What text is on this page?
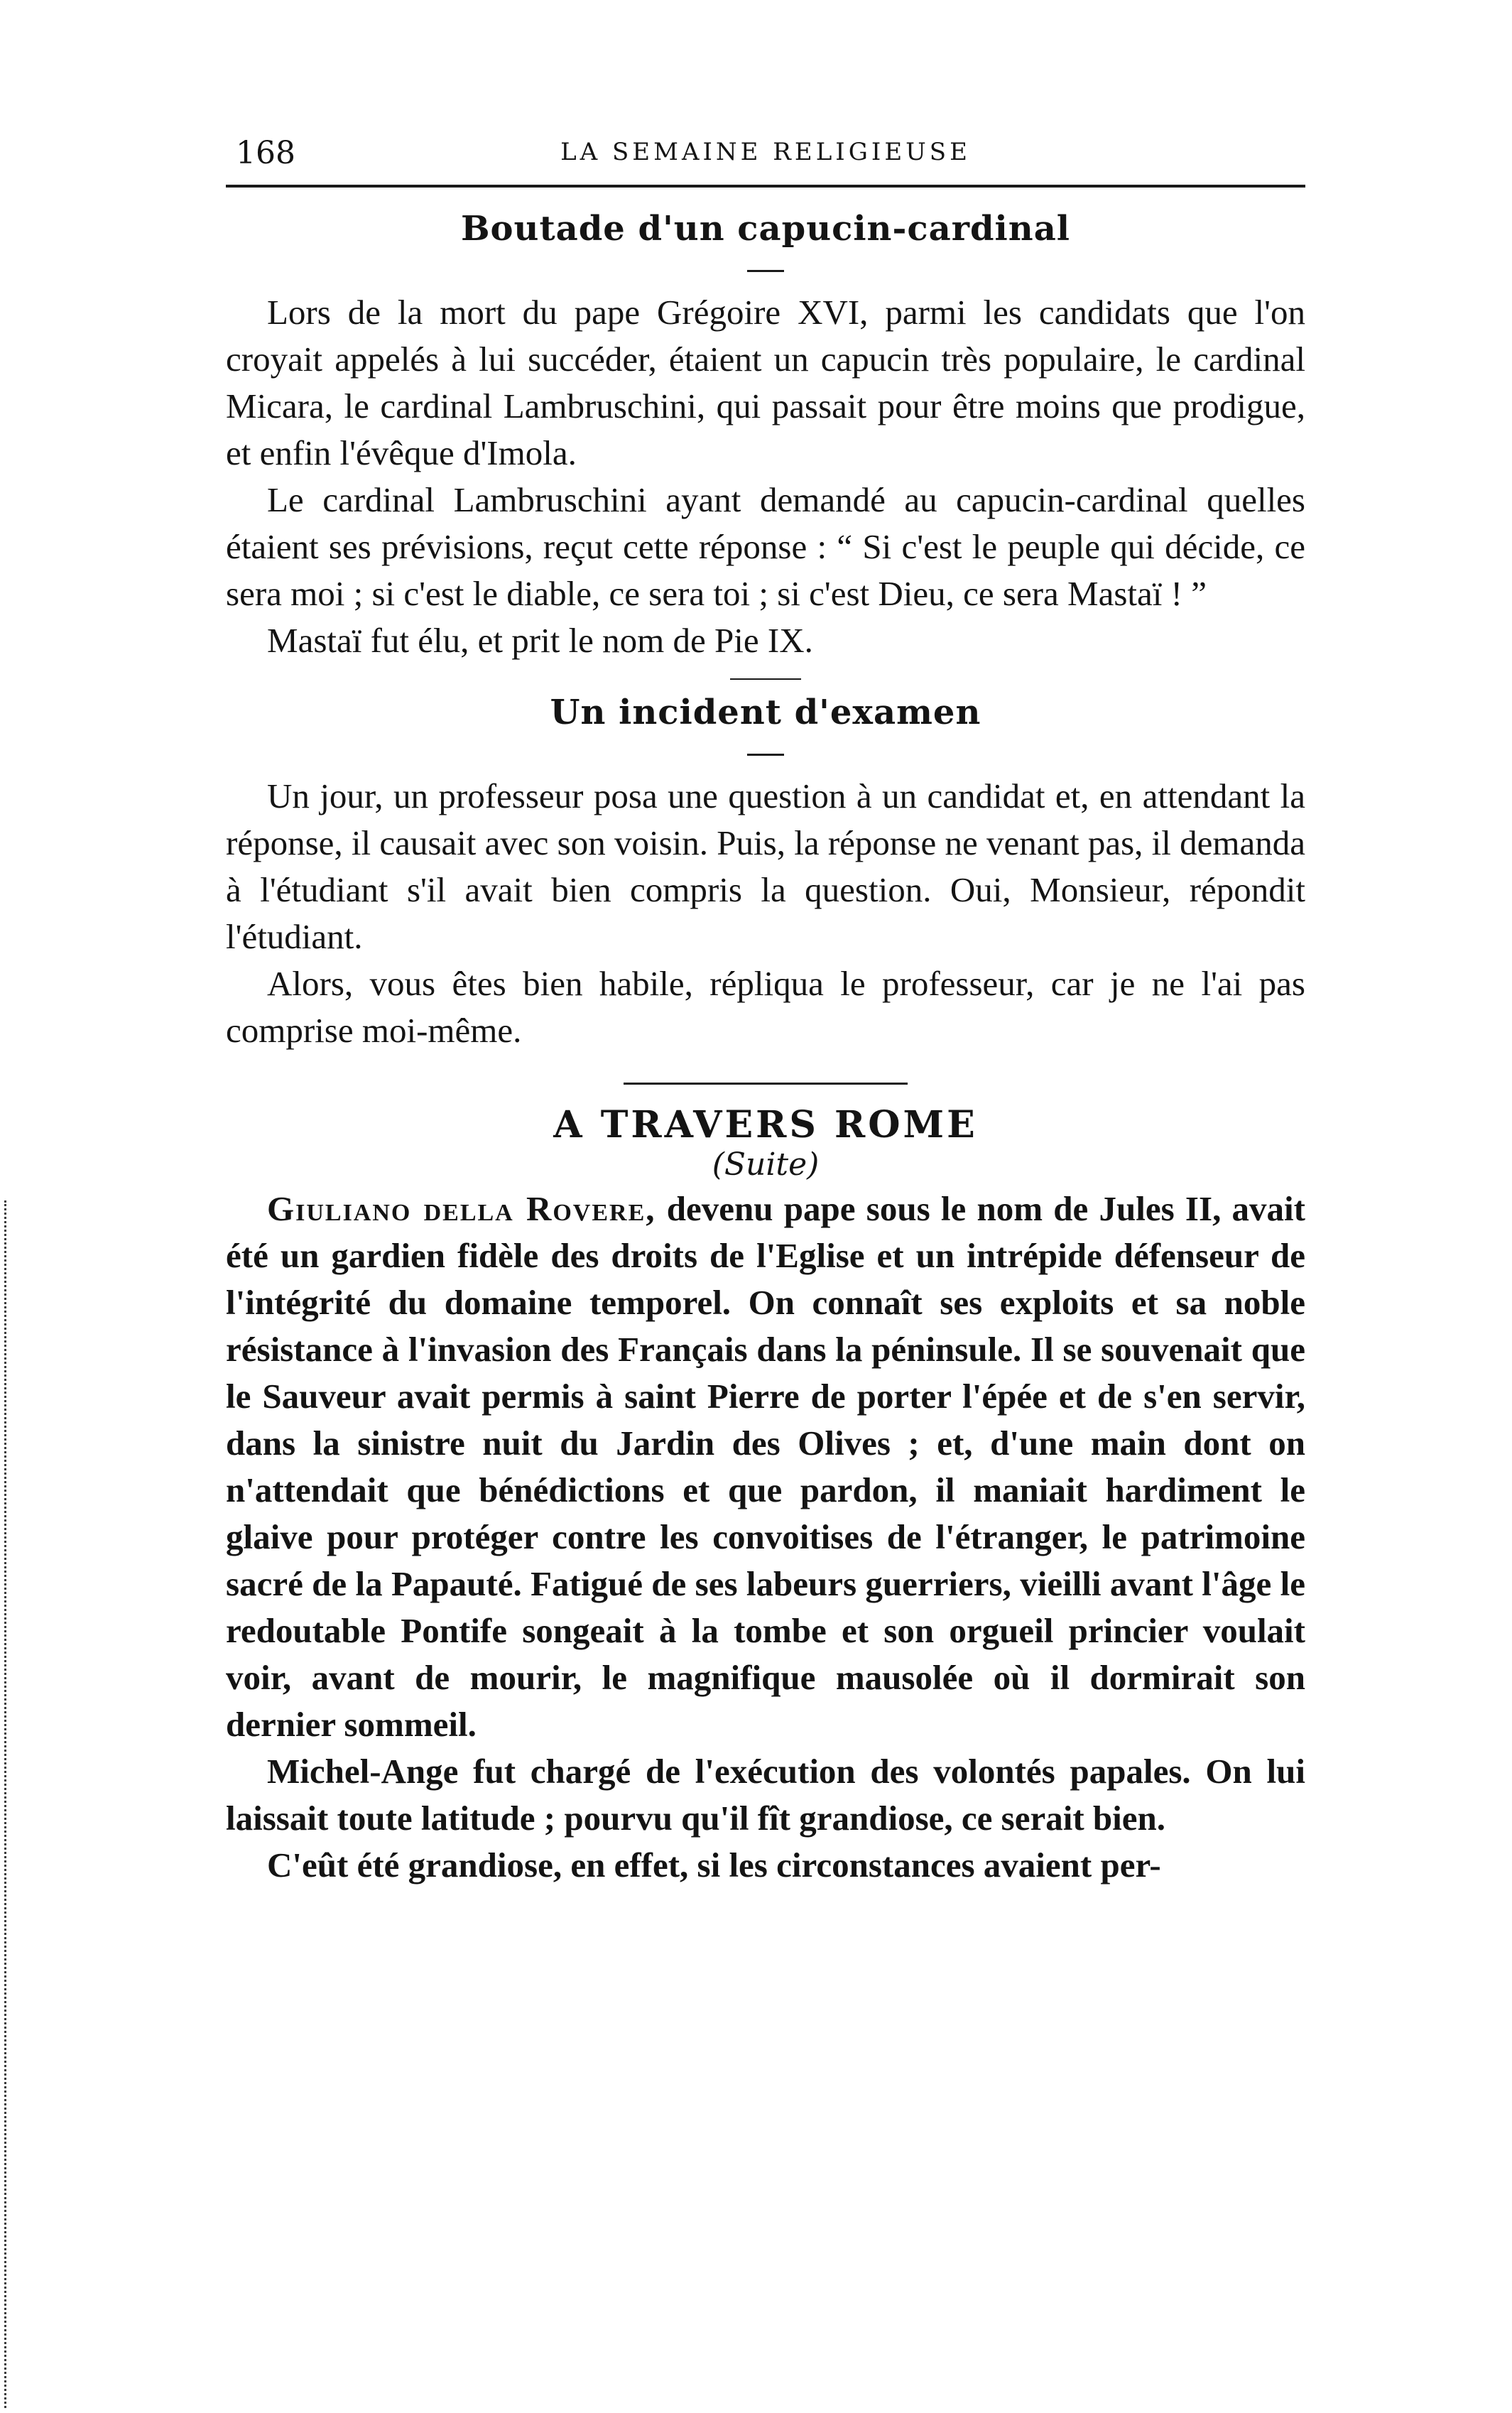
168	LA SEMAINE RELIGIEUSE
Boutade d'un capucin-cardinal

Lors de la mort du pape Grégoire XVI, parmi les candidats que l'on croyait appelés à lui succéder, étaient un capucin très populaire, le cardinal Micara, le cardinal Lambruschini, qui passait pour être moins que prodigue, et enfin l'évêque d'Imola.

Le cardinal Lambruschini ayant demandé au capucin-cardinal quelles étaient ses prévisions, reçut cette réponse : “ Si c'est le peuple qui décide, ce sera moi ; si c'est le diable, ce sera toi ; si c'est Dieu, ce sera Mastaï ! ”

Mastaï fut élu, et prit le nom de Pie IX.

Un incident d'examen

Un jour, un professeur posa une question à un candidat et, en attendant la réponse, il causait avec son voisin. Puis, la réponse ne venant pas, il demanda à l'étudiant s'il avait bien compris la question. Oui, Monsieur, répondit l'étudiant.

Alors, vous êtes bien habile, répliqua le professeur, car je ne l'ai pas comprise moi-même.

A TRAVERS ROME
(Suite)

Giuliano della Rovere, devenu pape sous le nom de Jules II, avait été un gardien fidèle des droits de l'Eglise et un intrépide défenseur de l'intégrité du domaine temporel. On connaît ses exploits et sa noble résistance à l'invasion des Français dans la péninsule. Il se souvenait que le Sauveur avait permis à saint Pierre de porter l'épée et de s'en servir, dans la sinistre nuit du Jardin des Olives ; et, d'une main dont on n'attendait que bénédictions et que pardon, il maniait hardiment le glaive pour protéger contre les convoitises de l'étranger, le patrimoine sacré de la Papauté. Fatigué de ses labeurs guerriers, vieilli avant l'âge le redoutable Pontife songeait à la tombe et son orgueil princier voulait voir, avant de mourir, le magnifique mausolée où il dormirait son dernier sommeil.

Michel-Ange fut chargé de l'exécution des volontés papales. On lui laissait toute latitude ; pourvu qu'il fît grandiose, ce serait bien.

C'eût été grandiose, en effet, si les circonstances avaient per-
